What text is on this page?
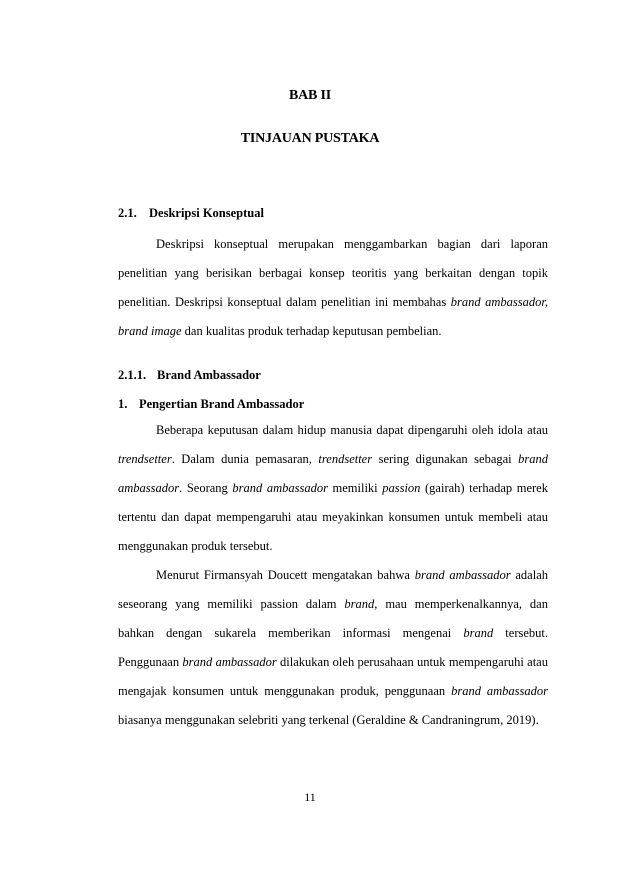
BAB II
TINJAUAN PUSTAKA
2.1. Deskripsi Konseptual

Deskripsi konseptual merupakan menggambarkan bagian dari laporan penelitian yang berisikan berbagai konsep teoritis yang berkaitan dengan topik penelitian. Deskripsi konseptual dalam penelitian ini membahas brand ambassador, brand image dan kualitas produk terhadap keputusan pembelian.

2.1.1. Brand Ambassador
1. Pengertian Brand Ambassador

Beberapa keputusan dalam hidup manusia dapat dipengaruhi oleh idola atau trendsetter. Dalam dunia pemasaran, trendsetter sering digunakan sebagai brand ambassador. Seorang brand ambassador memiliki passion (gairah) terhadap merek tertentu dan dapat mempengaruhi atau meyakinkan konsumen untuk membeli atau menggunakan produk tersebut.

Menurut Firmansyah Doucett mengatakan bahwa brand ambassador adalah seseorang yang memiliki passion dalam brand, mau memperkenalkannya, dan bahkan dengan sukarela memberikan informasi mengenai brand tersebut. Penggunaan brand ambassador dilakukan oleh perusahaan untuk mempengaruhi atau mengajak konsumen untuk menggunakan produk, penggunaan brand ambassador biasanya menggunakan selebriti yang terkenal (Geraldine & Candraningrum, 2019).

11
